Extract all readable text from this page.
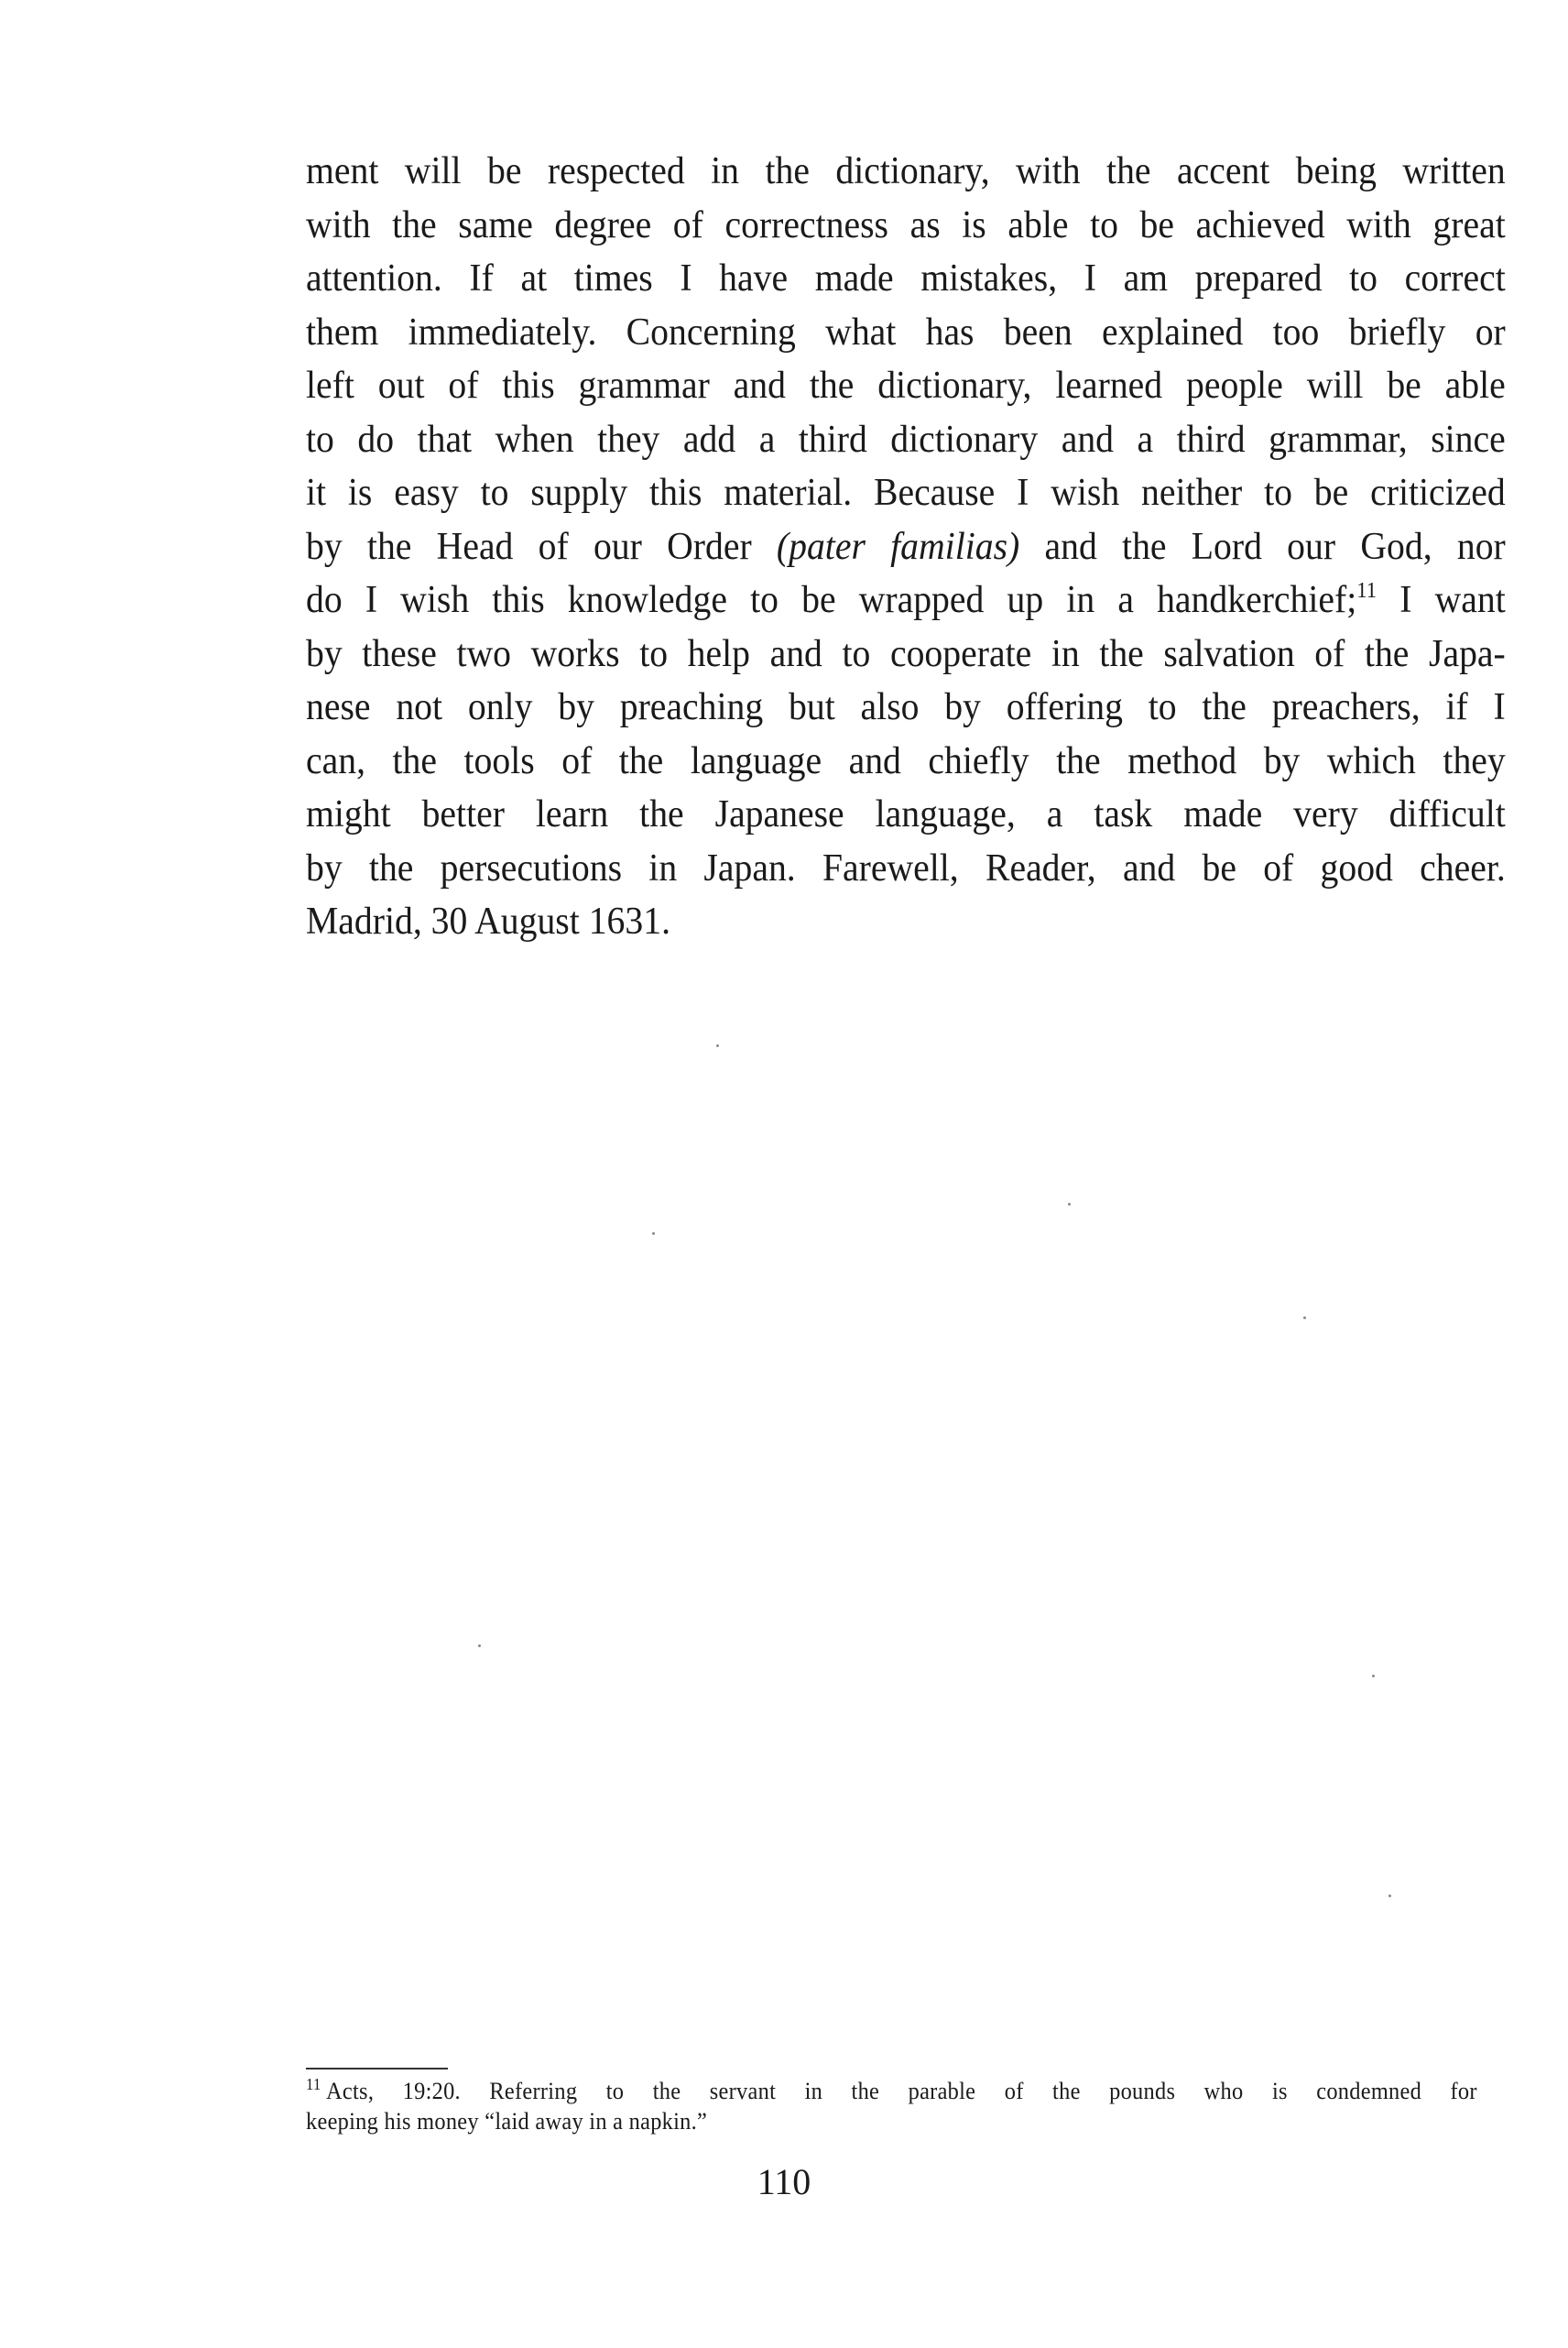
ment will be respected in the dictionary, with the accent being written
with the same degree of correctness as is able to be achieved with great
attention. If at times I have made mistakes, I am prepared to correct
them immediately. Concerning what has been explained too briefly or
left out of this grammar and the dictionary, learned people will be able
to do that when they add a third dictionary and a third grammar, since
it is easy to supply this material. Because I wish neither to be criticized
by the Head of our Order (pater familias) and the Lord our God, nor
do I wish this knowledge to be wrapped up in a handkerchief;$^{11}$ I want
by these two works to help and to cooperate in the salvation of the Japa-
nese not only by preaching but also by offering to the preachers, if I
can, the tools of the language and chiefly the method by which they
might better learn the Japanese language, a task made very difficult
by the persecutions in Japan. Farewell, Reader, and be of good cheer.
Madrid, 30 August 1631.
$^{11}$ Acts, 19:20. Referring to the servant in the parable of the pounds who is condemned for
keeping his money “laid away in a napkin.”
110
